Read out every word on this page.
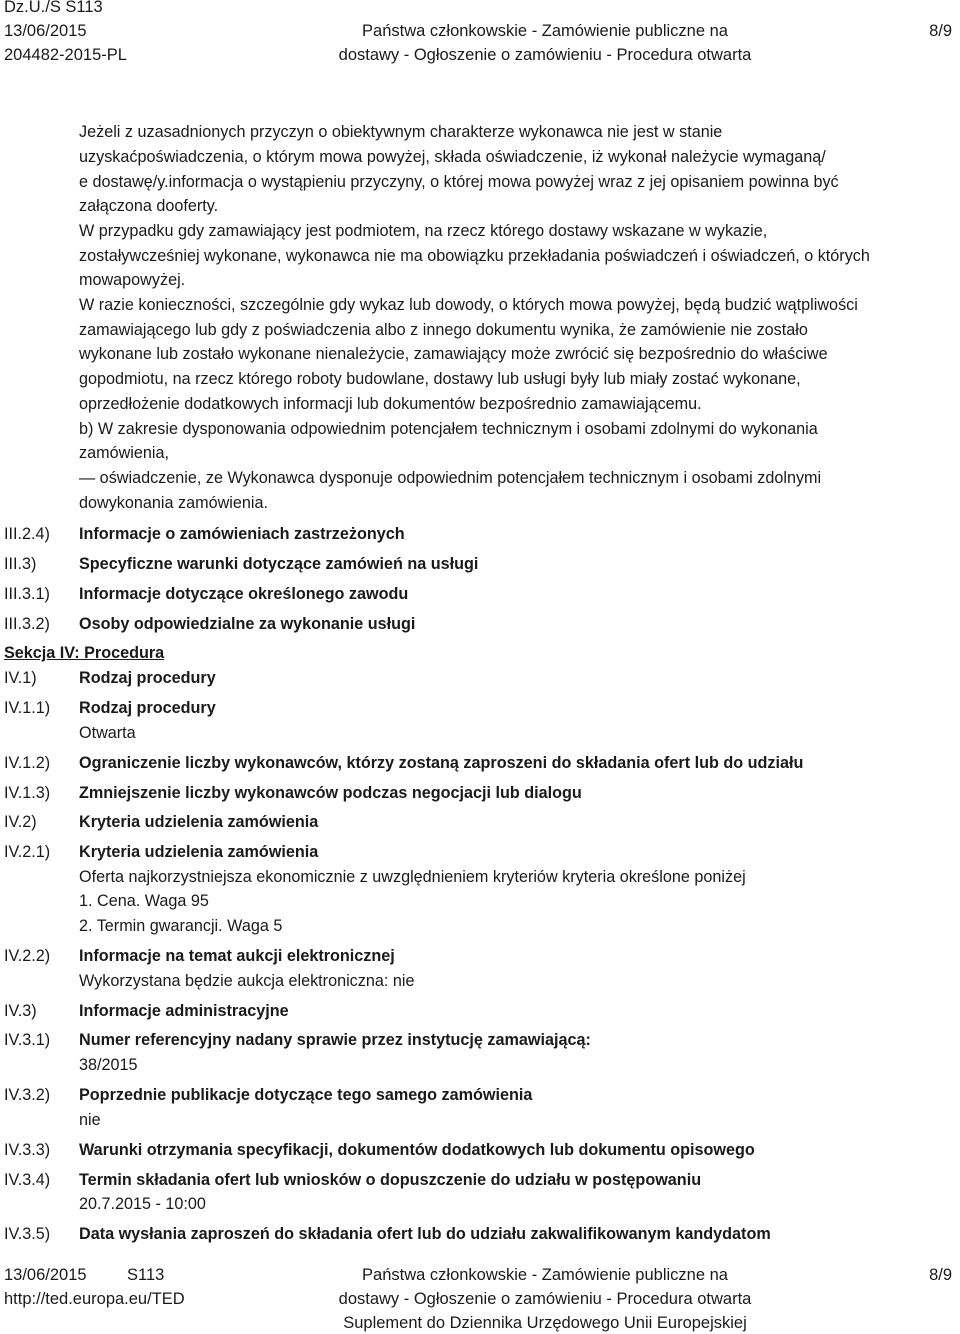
Dz.U./S S113
13/06/2015
204482-2015-PL
Państwa członkowskie - Zamówienie publiczne na
dostawy - Ogłoszenie o zamówieniu - Procedura otwarta
8/9
Jeżeli z uzasadnionych przyczyn o obiektywnym charakterze wykonawca nie jest w stanie
uzyskaćpoświadczenia, o którym mowa powyżej, składa oświadczenie, iż wykonał należycie wymaganą/
e dostawę/y.informacja o wystąpieniu przyczyny, o której mowa powyżej wraz z jej opisaniem powinna być
załączona dooferty.
W przypadku gdy zamawiający jest podmiotem, na rzecz którego dostawy wskazane w wykazie,
zostaływcześniej wykonane, wykonawca nie ma obowiązku przekładania poświadczeń i oświadczeń, o których
mowapowyżej.
W razie konieczności, szczególnie gdy wykaz lub dowody, o których mowa powyżej, będą budzić wątpliwości
zamawiającego lub gdy z poświadczenia albo z innego dokumentu wynika, że zamówienie nie zostało
wykonane lub zostało wykonane nienależycie, zamawiający może zwrócić się bezpośrednio do właściwe
gopodmiotu, na rzecz którego roboty budowlane, dostawy lub usługi były lub miały zostać wykonane,
oprzedłożenie dodatkowych informacji lub dokumentów bezpośrednio zamawiającemu.
b) W zakresie dysponowania odpowiednim potencjałem technicznym i osobami zdolnymi do wykonania
zamówienia,
— oświadczenie, ze Wykonawca dysponuje odpowiednim potencjałem technicznym i osobami zdolnymi
dowykonania zamówienia.
III.2.4) Informacje o zamówieniach zastrzeżonych
III.3)	Specyficzne warunki dotyczące zamówień na usługi
III.3.1) Informacje dotyczące określonego zawodu
III.3.2) Osoby odpowiedzialne za wykonanie usługi
Sekcja IV: Procedura
IV.1)	Rodzaj procedury
IV.1.1) Rodzaj procedury
Otwarta
IV.1.2) Ograniczenie liczby wykonawców, którzy zostaną zaproszeni do składania ofert lub do udziału
IV.1.3) Zmniejszenie liczby wykonawców podczas negocjacji lub dialogu
IV.2)	Kryteria udzielenia zamówienia
IV.2.1) Kryteria udzielenia zamówienia
Oferta najkorzystniejsza ekonomicznie z uwzględnieniem kryteriów kryteria określone poniżej
1. Cena. Waga 95
2. Termin gwarancji. Waga 5
IV.2.2) Informacje na temat aukcji elektronicznej
Wykorzystana będzie aukcja elektroniczna: nie
IV.3)	Informacje administracyjne
IV.3.1) Numer referencyjny nadany sprawie przez instytucję zamawiającą:
38/2015
IV.3.2) Poprzednie publikacje dotyczące tego samego zamówienia
nie
IV.3.3) Warunki otrzymania specyfikacji, dokumentów dodatkowych lub dokumentu opisowego
IV.3.4) Termin składania ofert lub wniosków o dopuszczenie do udziału w postępowaniu
20.7.2015 - 10:00
IV.3.5) Data wysłania zaproszeń do składania ofert lub do udziału zakwalifikowanym kandydatom
13/06/2015 S113
http://ted.europa.eu/TED
Państwa członkowskie - Zamówienie publiczne na
dostawy - Ogłoszenie o zamówieniu - Procedura otwarta
Suplement do Dziennika Urzędowego Unii Europejskiej
8/9
